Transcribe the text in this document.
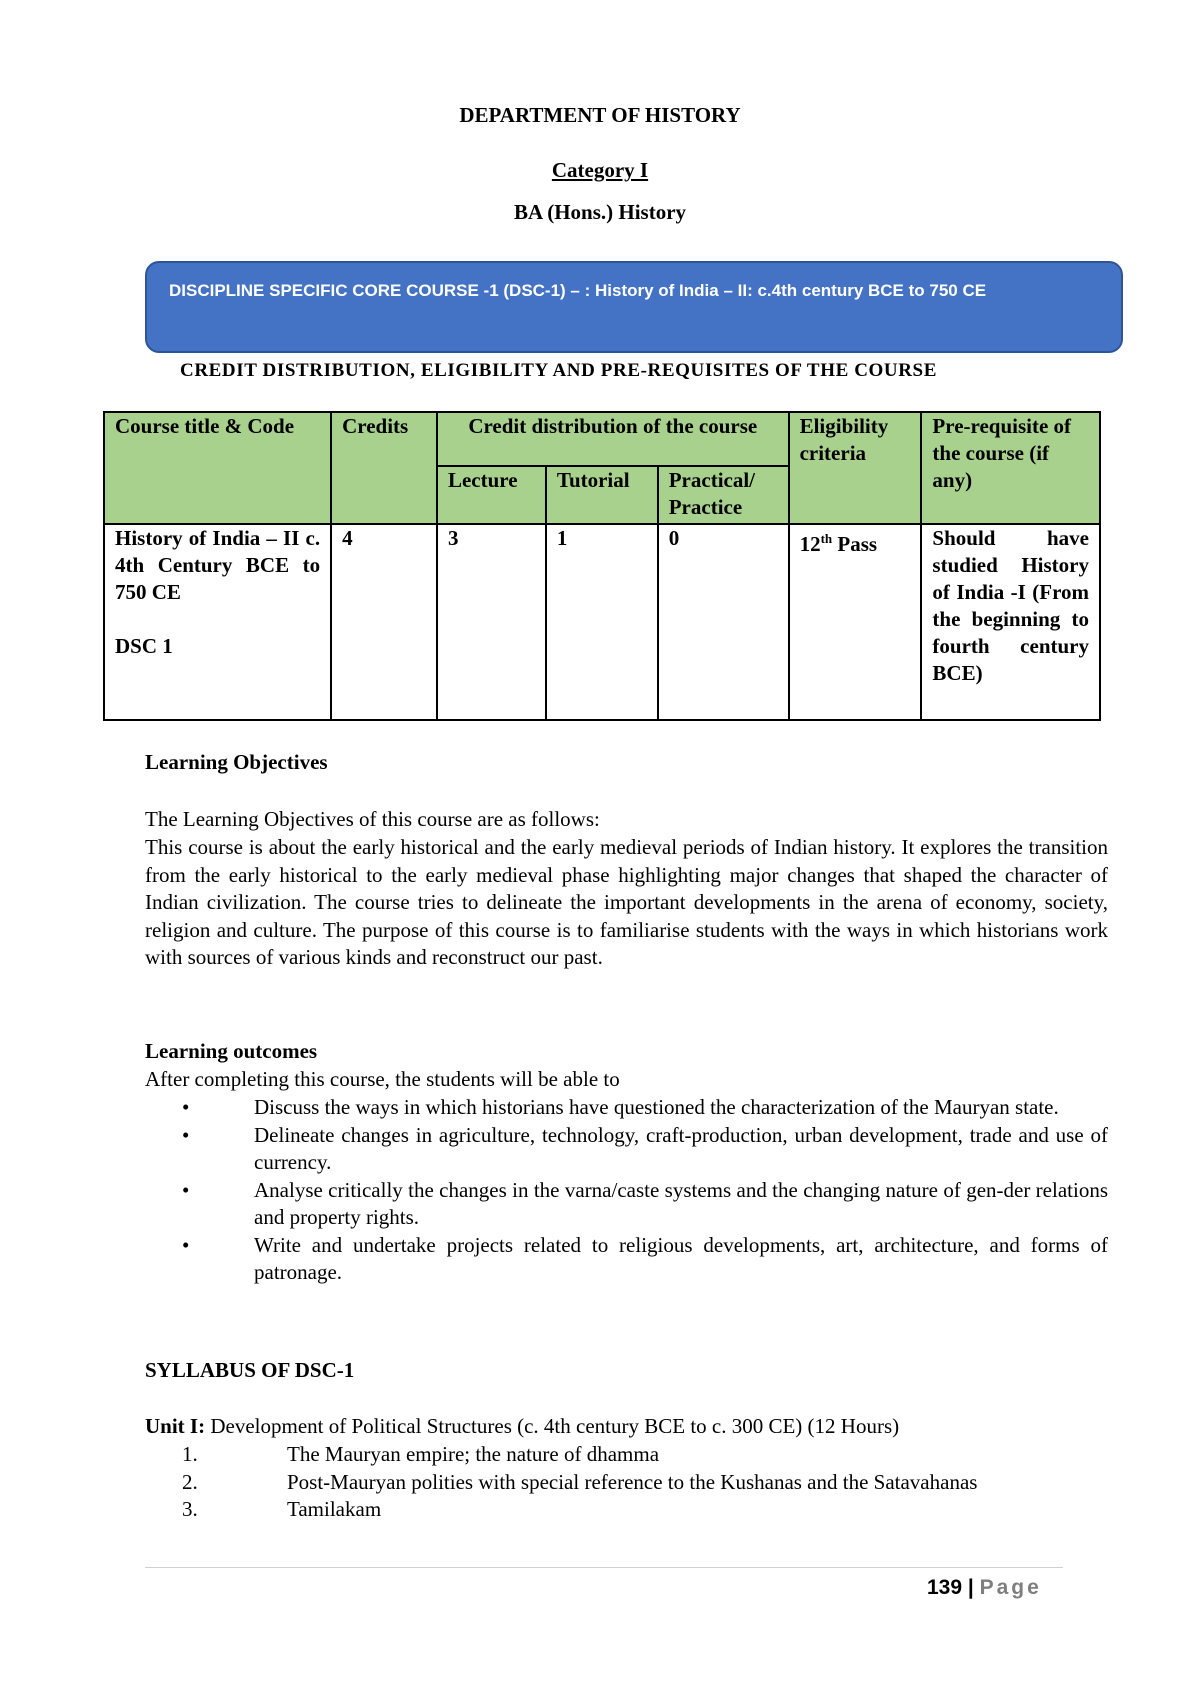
DEPARTMENT OF HISTORY
Category I
BA (Hons.) History
DISCIPLINE SPECIFIC CORE COURSE -1 (DSC-1) – : History of India – II: c.4th century BCE to 750 CE
CREDIT DISTRIBUTION, ELIGIBILITY AND PRE-REQUISITES OF THE COURSE
Course title & Code	Credits	Credit distribution of the course			Eligibility criteria	Pre-requisite of the course (if any)
		Lecture	Tutorial	Practical/ Practice		

History of India – II c. 4th Century BCE to 750 CE
DSC 1	4	3	1	0	12th Pass	Should have studied History of India -I (From the beginning to fourth century BCE)
Learning Objectives
The Learning Objectives of this course are as follows:
This course is about the early historical and the early medieval periods of Indian history. It explores the transition from the early historical to the early medieval phase highlighting major changes that shaped the character of Indian civilization. The course tries to delineate the important developments in the arena of economy, society, religion and culture. The purpose of this course is to familiarise students with the ways in which historians work with sources of various kinds and reconstruct our past.
Learning outcomes
After completing this course, the students will be able to
•	Discuss the ways in which historians have questioned the characterization of the Mauryan state.
•	Delineate changes in agriculture, technology, craft-production, urban development, trade and use of currency.
•	Analyse critically the changes in the varna/caste systems and the changing nature of gen-der relations and property rights.
•	Write and undertake projects related to religious developments, art, architecture, and forms of patronage.
SYLLABUS OF DSC-1
Unit I: Development of Political Structures (c. 4th century BCE to c. 300 CE) (12 Hours)
1.	The Mauryan empire; the nature of dhamma
2.	Post-Mauryan polities with special reference to the Kushanas and the Satavahanas
3.	Tamilakam
139 | Page
